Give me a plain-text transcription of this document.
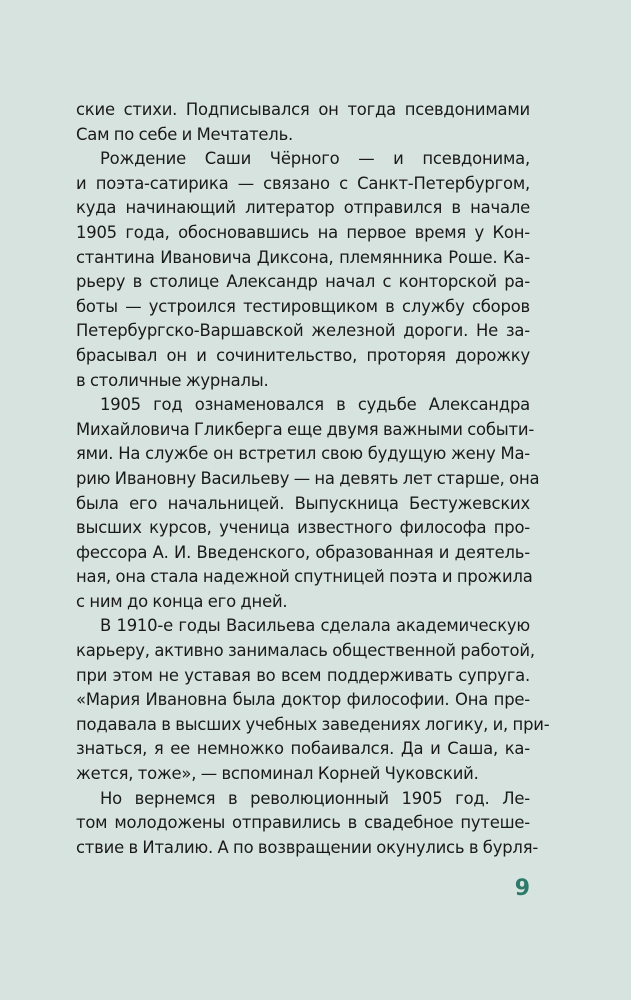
ские стихи. Подписывался он тогда псевдонимами
Сам по себе и Мечтатель.
Рождение Саши Чёрного — и псевдонима,
и поэта-сатирика — связано с Санкт-Петербургом,
куда начинающий литератор отправился в начале
1905 года, обосновавшись на первое время у Кон-
стантина Ивановича Диксона, племянника Роше. Ка-
рьеру в столице Александр начал с конторской ра-
боты — устроился тестировщиком в службу сборов
Петербургско-Варшавской железной дороги. Не за-
брасывал он и сочинительство, проторяя дорожку
в столичные журналы.
1905 год ознаменовался в судьбе Александра
Михайловича Гликберга еще двумя важными событи-
ями. На службе он встретил свою будущую жену Ма-
рию Ивановну Васильеву — на девять лет старше, она
была его начальницей. Выпускница Бестужевских
высших курсов, ученица известного философа про-
фессора А. И. Введенского, образованная и деятель-
ная, она стала надежной спутницей поэта и прожила
с ним до конца его дней.
В 1910-е годы Васильева сделала академическую
карьеру, активно занималась общественной работой,
при этом не уставая во всем поддерживать супруга.
«Мария Ивановна была доктор философии. Она пре-
подавала в высших учебных заведениях логику, и, при-
знаться, я ее немножко побаивался. Да и Саша, ка-
жется, тоже», — вспоминал Корней Чуковский.
Но вернемся в революционный 1905 год. Ле-
том молодожены отправились в свадебное путеше-
ствие в Италию. А по возвращении окунулись в бурля-
9
